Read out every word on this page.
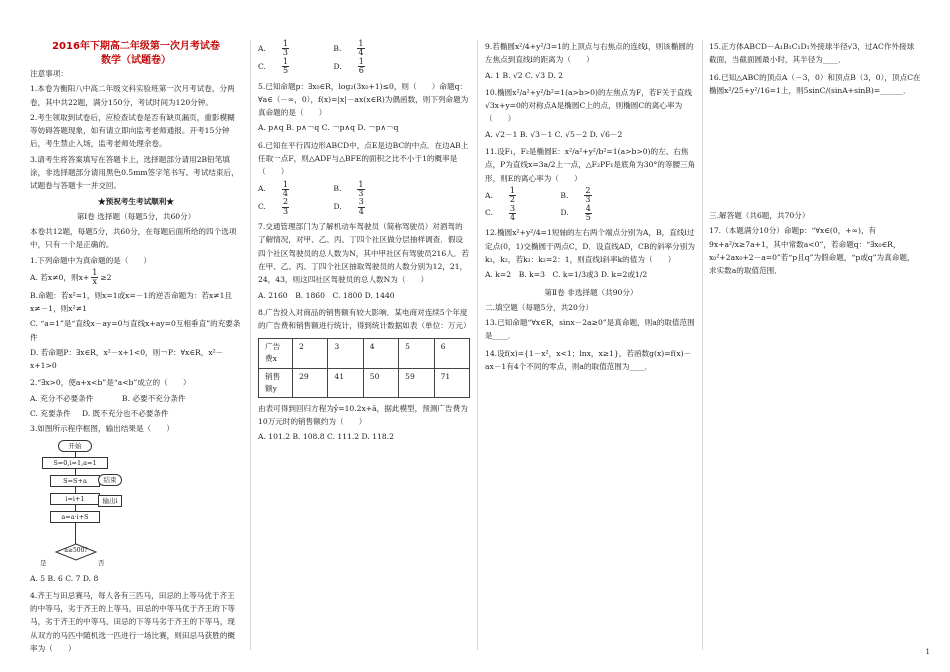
2016年下期高二年级第一次月考试卷
数学（试题卷）

注意事项：

1.本卷为衡阳八中高二年级文科实验班第一次月考试卷，分两卷，其中共22题，满分150分，考试时间为120分钟。

2.考生领取到试卷后，应检查试卷是否有缺页漏页，重影模糊等妨碍答题现象，如有请立即向监考老师通报。开考15分钟后，考生禁止入场，监考老师处理余卷。

3.请考生将答案填写在答题卡上，选择题部分请用2B铅笔填涂，非选择题部分请用黑色0.5mm签字笔书写。考试结束后，试题卷与答题卡一并交回。

★预祝考生考试顺利★

第Ⅰ卷 选择题（每题5分，共60分）

本卷共12题，每题5分，共60分，在每题后面所给的四个选项中，只有一个是正确的。

1.下列命题中为真命题的是（　　）

A. 若x≠0，则$x+ \frac{1}{x} \ge 2$

B.命题：若x²=1，则x=1或x=－1的逆否命题为：若x≠1且x≠－1，则x²≠1

C. “a=1”是“直线x－ay=0与直线x+ay=0互相垂直”的充要条件

D. 若命题P：∃x∈R，x²－x+1<0，则￢P：∀x∈R，x²－x+1>0

2.“∃x>0，使a+x<b”是“a<b”成立的（　　）

A. 充分不必要条件	B. 必要不充分条件

C. 充要条件 D. 既不充分也不必要条件

3.如图所示程序框图，输出结果是（　　）

开始
S=0,i=1,a=1
S=S+a
i=i+1
a=a·i+S
a≥500?
输出i
结束
是	否

A. 5 B. 6 C. 7 D. 8

4.齐王与田忌赛马，每人各有三匹马，田忌的上等马优于齐王的中等马，劣于齐王的上等马，田忌的中等马优于齐王的下等马，劣于齐王的中等马，田忌的下等马劣于齐王的下等马，现从双方的马匹中随机选一匹进行一场比赛，则田忌马获胜的概率为（　　）

A. $\frac{1}{3}$	B. $\frac{1}{4}$
C. $\frac{1}{5}$	D. $\frac{1}{6}$

5.已知命题p：∃x₀∈R，log₂(3x₀+1)≤0，则（　　）命题q：∀a∈（－∞，0），f(x)=|x|－ax(x∈R)为偶函数，则下列命题为真命题的是（　　）

A. p∧q B. p∧￢q C. ￢p∧q D. ￢p∧￢q

6.已知在平行四边形ABCD中，点E是边BC的中点．在边AB上任取一点F，则△ADF与△BFE的面积之比不小于1的概率是（　　）

A. $\frac{1}{4}$	B. $\frac{1}{3}$
C. $\frac{2}{3}$	D. $\frac{3}{4}$

7.交通管理部门为了解机动车驾驶员（简称驾驶员）对酒驾的了解情况，对甲、乙、丙、丁四个社区做分层抽样调查．假设四个社区驾驶员的总人数为N，其中甲社区有驾驶员216人．若在甲、乙、丙、丁四个社区抽取驾驶员的人数分别为12，21，24，43，则这四社区驾驶员的总人数N为（　　）

A. 2160　B. 1860　C. 1800 D. 1440

8.广告投入对商品的销售额有较大影响．某电商对连续5个年度的广告费和销售额进行统计，得到统计数据如表（单位：万元）

广告费x	2	3	4	5	6
销售额y	29	41	50	59	71

由表可得到回归方程为ŷ=10.2x+â，据此模型，预测广告费为10万元时的销售额约为（　　）

A. 101.2 B. 108.8 C. 111.2 D. 118.2

9.若椭圆x²/4+y²/3=1的上顶点与右焦点的连线l，则该椭圆的左焦点到直线l的距离为（　　）

A. 1 B. √2 C. √3 D. 2

10.椭圆x²/a²+y²/b²=1(a>b>0)的左焦点为F，若F关于直线√3x+y=0的对称点A是椭圆C上的点，则椭圆C的离心率为（　　）

A. √2－1 B. √3－1 C. √5－2 D. √6－2

11.设F₁，F₂是椭圆E：x²/a²+y²/b²=1(a>b>0)的左、右焦点，P为直线x=3a/2上一点，△F₂PF₁是底角为30°的等腰三角形，则E的离心率为（　　）

A. $\frac{1}{2}$	B. $\frac{2}{3}$
C. $\frac{3}{4}$	D. $\frac{4}{5}$

12.椭圆x²+y²/4=1短轴的左右两个端点分别为A，B，直线l过定点(0，1)交椭圆于两点C，D．设直线AD，CB的斜率分别为k₁，k₂，若k₁：k₂=2：1，则直线l斜率k的值为（　　）

A. k=2　B. k=3　C. k=1/3或3 D. k=2或1/2

第Ⅱ卷 非选择题（共90分）

二.填空题（每题5分，共20分）

13.已知命题“∀x∈R，sinx－2a≥0”是真命题，则a的取值范围是____．

14.设f(x)={1－x²，x<1；lnx，x≥1}，若函数g(x)=f(x)－ax－1有4个不同的零点，则a的取值范围为____．

15.正方体ABCD－A₁B₁C₁D₁外接球半径√3，过AC作外接球截面，当截面圆最小时，其半径为____．

16.已知△ABC的顶点A（－3，0）和顶点B（3，0），顶点C在椭圆x²/25+y²/16=1上，则5sinC/(sinA+sinB)=______．

三.解答题（共6题，共70分）

17.（本题满分10分）命题p：“∀x∈(0，+∞)，有9x+a²/x≥7a+1，其中常数a<0”，若命题q：“∃x₀∈R，x₀²+2ax₀+2－a=0”若“p且q”为假命题，“p或q”为真命题，求实数a的取值范围．

1
